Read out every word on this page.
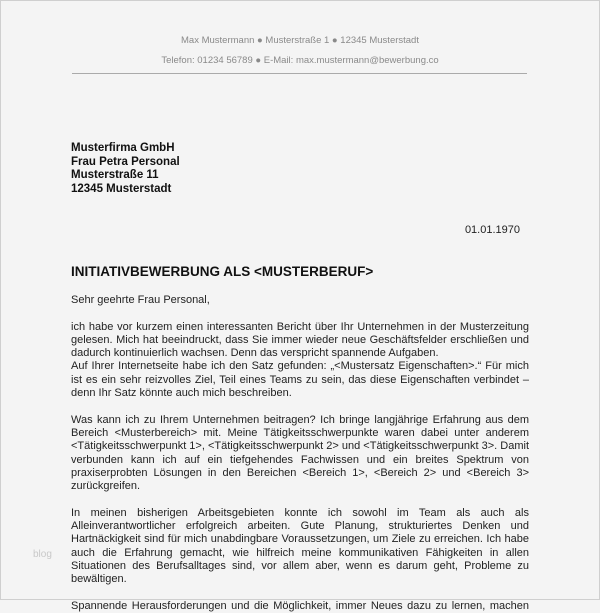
Max Mustermann ● Musterstraße 1 ● 12345 Musterstadt
Telefon: 01234 56789 ● E-Mail: max.mustermann@bewerbung.co
Musterfirma GmbH
Frau Petra Personal
Musterstraße 11
12345 Musterstadt
01.01.1970
INITIATIVBEWERBUNG ALS <MUSTERBERUF>
Sehr geehrte Frau Personal,
ich habe vor kurzem einen interessanten Bericht über Ihr Unternehmen in der Musterzeitung
gelesen. Mich hat beeindruckt, dass Sie immer wieder neue Geschäftsfelder erschließen und
dadurch kontinuierlich wachsen. Denn das verspricht spannende Aufgaben.
Auf Ihrer Internetseite habe ich den Satz gefunden: „<Mustersatz Eigenschaften>.“ Für mich
ist es ein sehr reizvolles Ziel, Teil eines Teams zu sein, das diese Eigenschaften verbindet –
denn Ihr Satz könnte auch mich beschreiben.
Was kann ich zu Ihrem Unternehmen beitragen? Ich bringe langjährige Erfahrung aus dem
Bereich <Musterbereich> mit. Meine Tätigkeitsschwerpunkte waren dabei unter anderem
<Tätigkeitsschwerpunkt 1>, <Tätigkeitsschwerpunkt 2> und <Tätigkeitsschwerpunkt 3>. Damit
verbunden kann ich auf ein tiefgehendes Fachwissen und ein breites Spektrum von
praxiserprobten Lösungen in den Bereichen <Bereich 1>, <Bereich 2> und <Bereich 3>
zurückgreifen.
In meinen bisherigen Arbeitsgebieten konnte ich sowohl im Team als auch als
Alleinverantwortlicher erfolgreich arbeiten. Gute Planung, strukturiertes Denken und
Hartnäckigkeit sind für mich unabdingbare Voraussetzungen, um Ziele zu erreichen. Ich habe
auch die Erfahrung gemacht, wie hilfreich meine kommunikativen Fähigkeiten in allen
Situationen des Berufsalltages sind, vor allem aber, wenn es darum geht, Probleme zu
bewältigen.
Spannende Herausforderungen und die Möglichkeit, immer Neues dazu zu lernen, machen
blog
